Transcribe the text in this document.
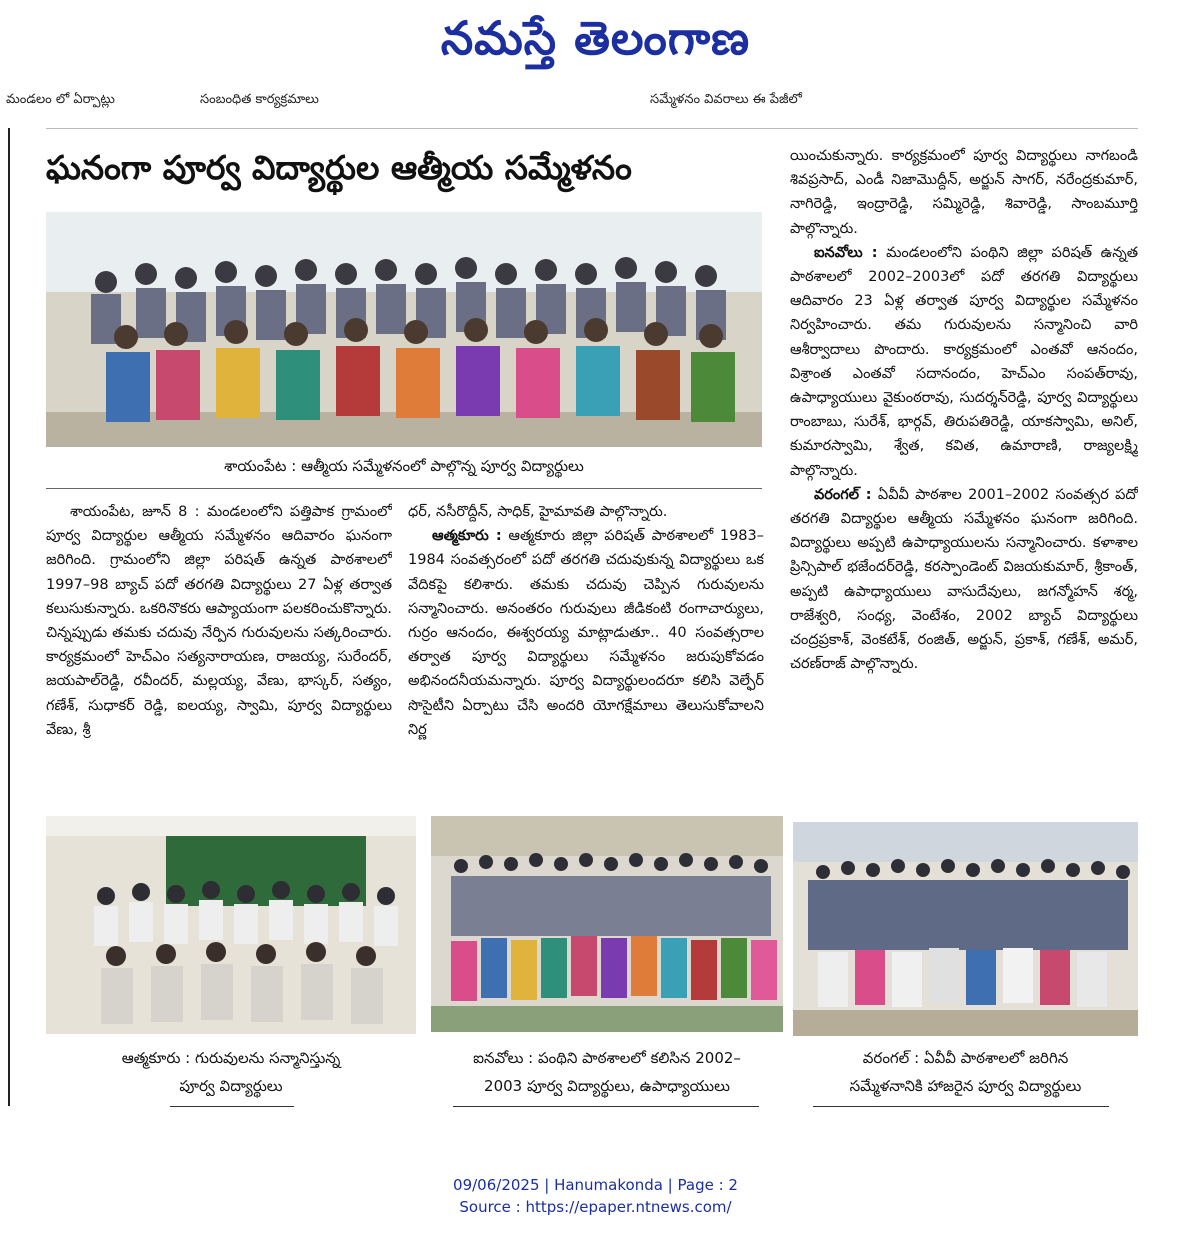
నమస్తే తెలంగాణ
మండలం లో ఏర్పాట్లు	సంబంధిత కార్యక్రమాలు	సమ్మేళనం వివరాలు ఈ పేజీలో
ఘనంగా పూర్వ విద్యార్థుల ఆత్మీయ సమ్మేళనం
శాయంపేట : ఆత్మీయ సమ్మేళనంలో పాల్గొన్న పూర్వ విద్యార్థులు

శాయంపేట, జూన్ 8 : మండలంలోని పత్తిపాక గ్రామంలో పూర్వ విద్యార్థుల ఆత్మీయ సమ్మేళనం ఆదివారం ఘనంగా జరిగింది. గ్రామంలోని జిల్లా పరిషత్ ఉన్నత పాఠశాలలో 1997–98 బ్యాచ్ పదో తరగతి విద్యార్థులు 27 ఏళ్ల తర్వాత కలుసుకున్నారు. ఒకరినొకరు ఆప్యాయంగా పలకరించుకొన్నారు. చిన్నప్పుడు తమకు చదువు నేర్పిన గురువులను సత్కరించారు. కార్యక్రమంలో హెచ్ఎం సత్యనారాయణ, రాజయ్య, సురేందర్, జయపాల్‌రెడ్డి, రవీందర్, మల్లయ్య, వేణు, భాస్కర్, సత్యం, గణేశ్, సుధాకర్ రెడ్డి, ఐలయ్య, స్వామి, పూర్వ విద్యార్థులు వేణు, శ్రీ

ధర్, నసీరొద్దీన్, సాధిక్, హైమావతి పాల్గొన్నారు.

ఆత్మకూరు : ఆత్మకూరు జిల్లా పరిషత్ పాఠశాలలో 1983– 1984 సంవత్సరంలో పదో తరగతి చదువుకున్న విద్యార్థులు ఒక వేదికపై కలిశారు. తమకు చదువు చెప్పిన గురువులను సన్మానించారు. అనంతరం గురువులు జీడికంటి రంగాచార్యులు, గుర్రం ఆనందం, ఈశ్వరయ్య మాట్లాడుతూ.. 40 సంవత్సరాల తర్వాత పూర్వ విద్యార్థులు సమ్మేళనం జరుపుకోవడం అభినందనీయమన్నారు. పూర్వ విద్యార్థులందరూ కలిసి వెల్ఫేర్ సొసైటీని ఏర్పాటు చేసి అందరి యోగక్షేమాలు తెలుసుకోవాలని నిర్ణ

యించుకున్నారు. కార్యక్రమంలో పూర్వ విద్యార్థులు నాగబండి శివప్రసాద్, ఎండీ నిజామొద్దీన్, అర్జున్ సాగర్, నరేంద్రకుమార్, నాగిరెడ్డి, ఇంద్రారెడ్డి, సమ్మిరెడ్డి, శివారెడ్డి, సాంబమూర్తి పాల్గొన్నారు.

ఐనవోలు : మండలంలోని పంథిని జిల్లా పరిషత్ ఉన్నత పాఠశాలలో 2002–2003లో పదో తరగతి విద్యార్థులు ఆదివారం 23 ఏళ్ల తర్వాత పూర్వ విద్యార్థుల సమ్మేళనం నిర్వహించారు. తమ గురువులను సన్మానించి వారి ఆశీర్వాదాలు పొందారు. కార్యక్రమంలో ఎంతవో ఆనందం, విశ్రాంత ఎంతవో సదానందం, హెచ్ఎం సంపత్‌రావు, ఉపాధ్యాయులు వైకుంఠరావు, సుదర్శన్‌రెడ్డి, పూర్వ విద్యార్థులు రాంబాబు, సురేశ్, భార్గవ్, తిరుపతిరెడ్డి, యాకస్వామి, అనిల్, కుమారస్వామి, శ్వేత, కవిత, ఉమారాణి, రాజ్యలక్ష్మి పాల్గొన్నారు.

వరంగల్ : ఏవీవీ పాఠశాల 2001–2002 సంవత్సర పదో తరగతి విద్యార్థుల ఆత్మీయ సమ్మేళనం ఘనంగా జరిగింది. విద్యార్థులు అప్పటి ఉపాధ్యాయులను సన్మానించారు. కళాశాల ప్రిన్సిపాల్ భజేందర్‌రెడ్డి, కరస్పాండెంట్ విజయకుమార్, శ్రీకాంత్, అప్పటి ఉపాధ్యాయులు వాసుదేవులు, జగన్మోహన్ శర్మ, రాజేశ్వరి, సంధ్య, వెంటేశం, 2002 బ్యాచ్ విద్యార్థులు చంద్రప్రకాశ్, వెంకటేశ్, రంజిత్, అర్జున్, ప్రకాశ్, గణేశ్, అమర్, చరణ్‌రాజ్ పాల్గొన్నారు.

ఆత్మకూరు : గురువులను సన్మానిస్తున్న
పూర్వ విద్యార్థులు
ఐనవోలు : పంథిని పాఠశాలలో కలిసిన 2002–
2003 పూర్వ విద్యార్థులు, ఉపాధ్యాయులు
వరంగల్ : ఏవీవీ పాఠశాలలో జరిగిన
సమ్మేళనానికి హాజరైన పూర్వ విద్యార్థులు
09/06/2025 | Hanumakonda | Page : 2
Source : https://epaper.ntnews.com/
